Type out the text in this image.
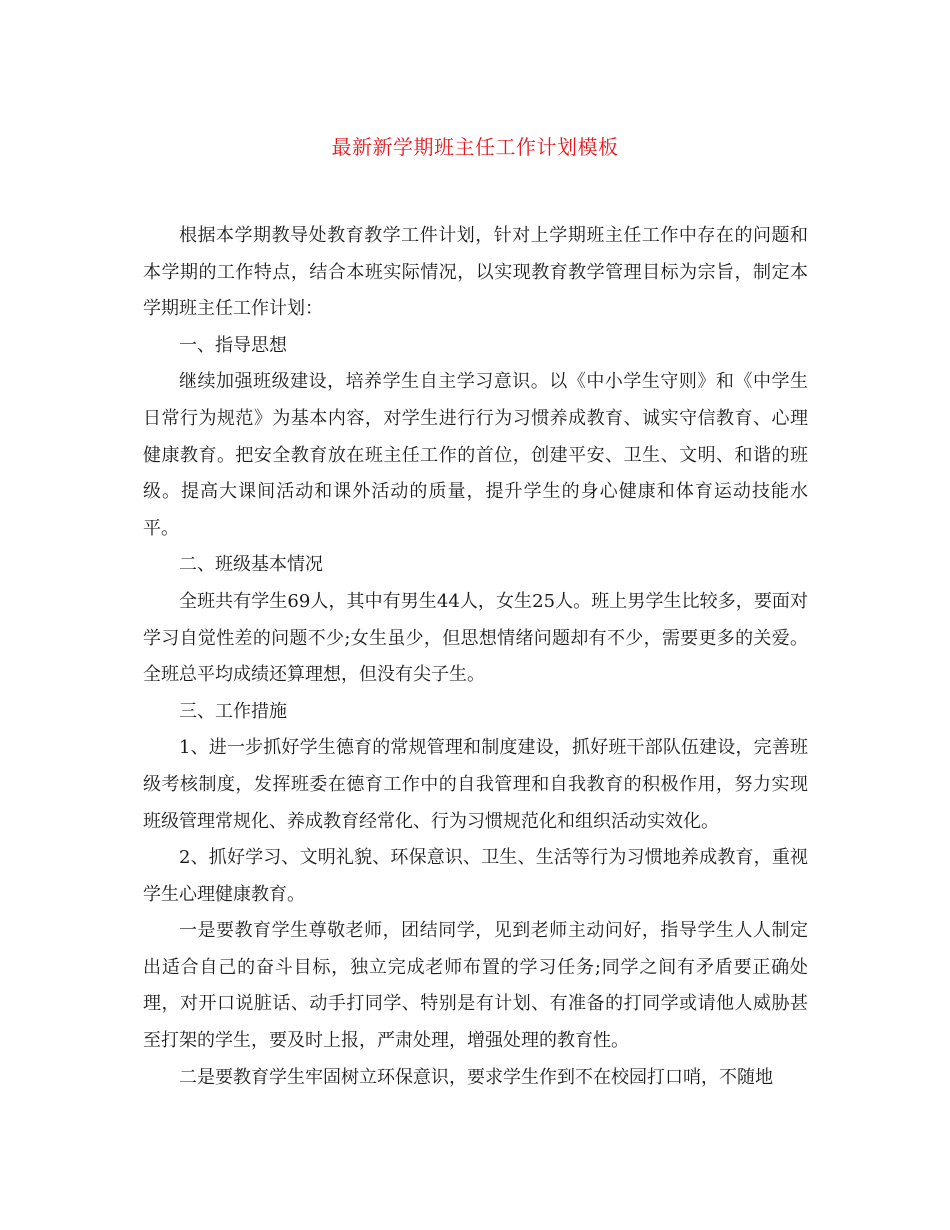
最新新学期班主任工作计划模板

根据本学期教导处教育教学工件计划，针对上学期班主任工作中存在的问题和本学期的工作特点，结合本班实际情况，以实现教育教学管理目标为宗旨，制定本学期班主任工作计划：

一、指导思想

继续加强班级建设，培养学生自主学习意识。以《中小学生守则》和《中学生日常行为规范》为基本内容，对学生进行行为习惯养成教育、诚实守信教育、心理健康教育。把安全教育放在班主任工作的首位，创建平安、卫生、文明、和谐的班级。提高大课间活动和课外活动的质量，提升学生的身心健康和体育运动技能水平。

二、班级基本情况

全班共有学生69人，其中有男生44人，女生25人。班上男学生比较多，要面对学习自觉性差的问题不少;女生虽少，但思想情绪问题却有不少，需要更多的关爱。全班总平均成绩还算理想，但没有尖子生。

三、工作措施

1、进一步抓好学生德育的常规管理和制度建设，抓好班干部队伍建设，完善班级考核制度，发挥班委在德育工作中的自我管理和自我教育的积极作用，努力实现班级管理常规化、养成教育经常化、行为习惯规范化和组织活动实效化。

2、抓好学习、文明礼貌、环保意识、卫生、生活等行为习惯地养成教育，重视学生心理健康教育。

一是要教育学生尊敬老师，团结同学，见到老师主动问好，指导学生人人制定出适合自己的奋斗目标，独立完成老师布置的学习任务;同学之间有矛盾要正确处理，对开口说脏话、动手打同学、特别是有计划、有准备的打同学或请他人威胁甚至打架的学生，要及时上报，严肃处理，增强处理的教育性。

二是要教育学生牢固树立环保意识，要求学生作到不在校园打口哨，不随地
